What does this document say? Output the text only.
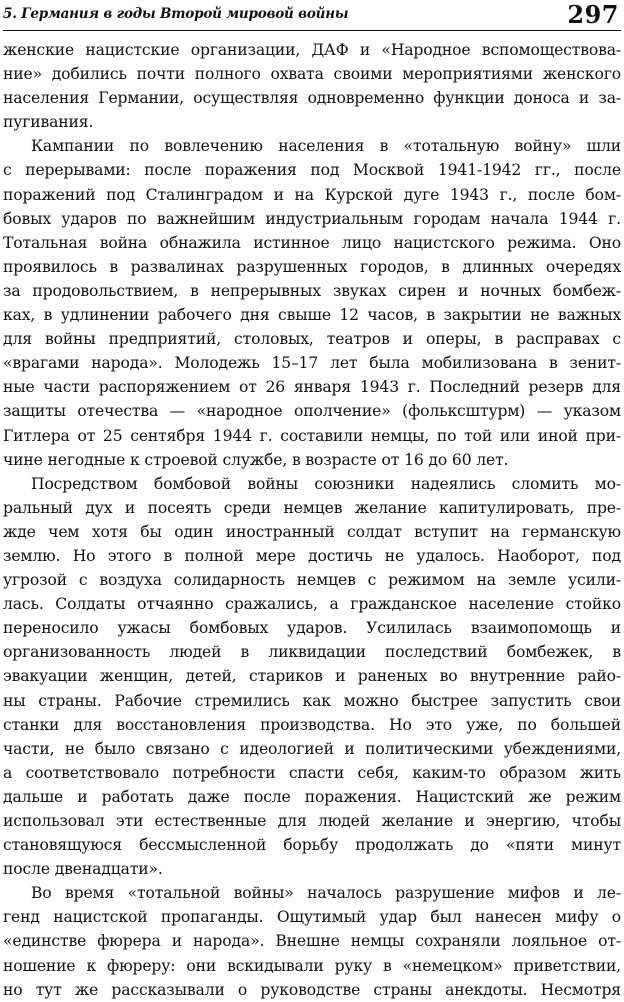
5. Германия в годы Второй мировой войны	297

женские нацистские организации, ДАФ и «Народное вспомоществова-
ние» добились почти полного охвата своими мероприятиями женского
населения Германии, осуществляя одновременно функции доноса и за-
пугивания.

Кампании по вовлечению населения в «тотальную войну» шли
с перерывами: после поражения под Москвой 1941-1942 гг., после
поражений под Сталинградом и на Курской дуге 1943 г., после бом-
бовых ударов по важнейшим индустриальным городам начала 1944 г.
Тотальная война обнажила истинное лицо нацистского режима. Оно
проявилось в развалинах разрушенных городов, в длинных очередях
за продовольствием, в непрерывных звуках сирен и ночных бомбеж-
ках, в удлинении рабочего дня свыше 12 часов, в закрытии не важных
для войны предприятий, столовых, театров и оперы, в расправах с
«врагами народа». Молодежь 15–17 лет была мобилизована в зенит-
ные части распоряжением от 26 января 1943 г. Последний резерв для
защиты отечества — «народное ополчение» (фольксштурм) — указом
Гитлера от 25 сентября 1944 г. составили немцы, по той или иной при-
чине негодные к строевой службе, в возрасте от 16 до 60 лет.

Посредством бомбовой войны союзники надеялись сломить мо-
ральный дух и посеять среди немцев желание капитулировать, пре-
жде чем хотя бы один иностранный солдат вступит на германскую
землю. Но этого в полной мере достичь не удалось. Наоборот, под
угрозой с воздуха солидарность немцев с режимом на земле усили-
лась. Солдаты отчаянно сражались, а гражданское население стойко
переносило ужасы бомбовых ударов. Усилилась взаимопомощь и
организованность людей в ликвидации последствий бомбежек, в
эвакуации женщин, детей, стариков и раненых во внутренние райо-
ны страны. Рабочие стремились как можно быстрее запустить свои
станки для восстановления производства. Но это уже, по большей
части, не было связано с идеологией и политическими убеждениями,
а соответствовало потребности спасти себя, каким-то образом жить
дальше и работать даже после поражения. Нацистский же режим
использовал эти естественные для людей желание и энергию, чтобы
становящуюся бессмысленной борьбу продолжать до «пяти минут
после двенадцати».

Во время «тотальной войны» началось разрушение мифов и ле-
генд нацистской пропаганды. Ощутимый удар был нанесен мифу о
«единстве фюрера и народа». Внешне немцы сохраняли лояльное от-
ношение к фюреру: они вскидывали руку в «немецком» приветствии,
но тут же рассказывали о руководстве страны анекдоты. Несмотря
